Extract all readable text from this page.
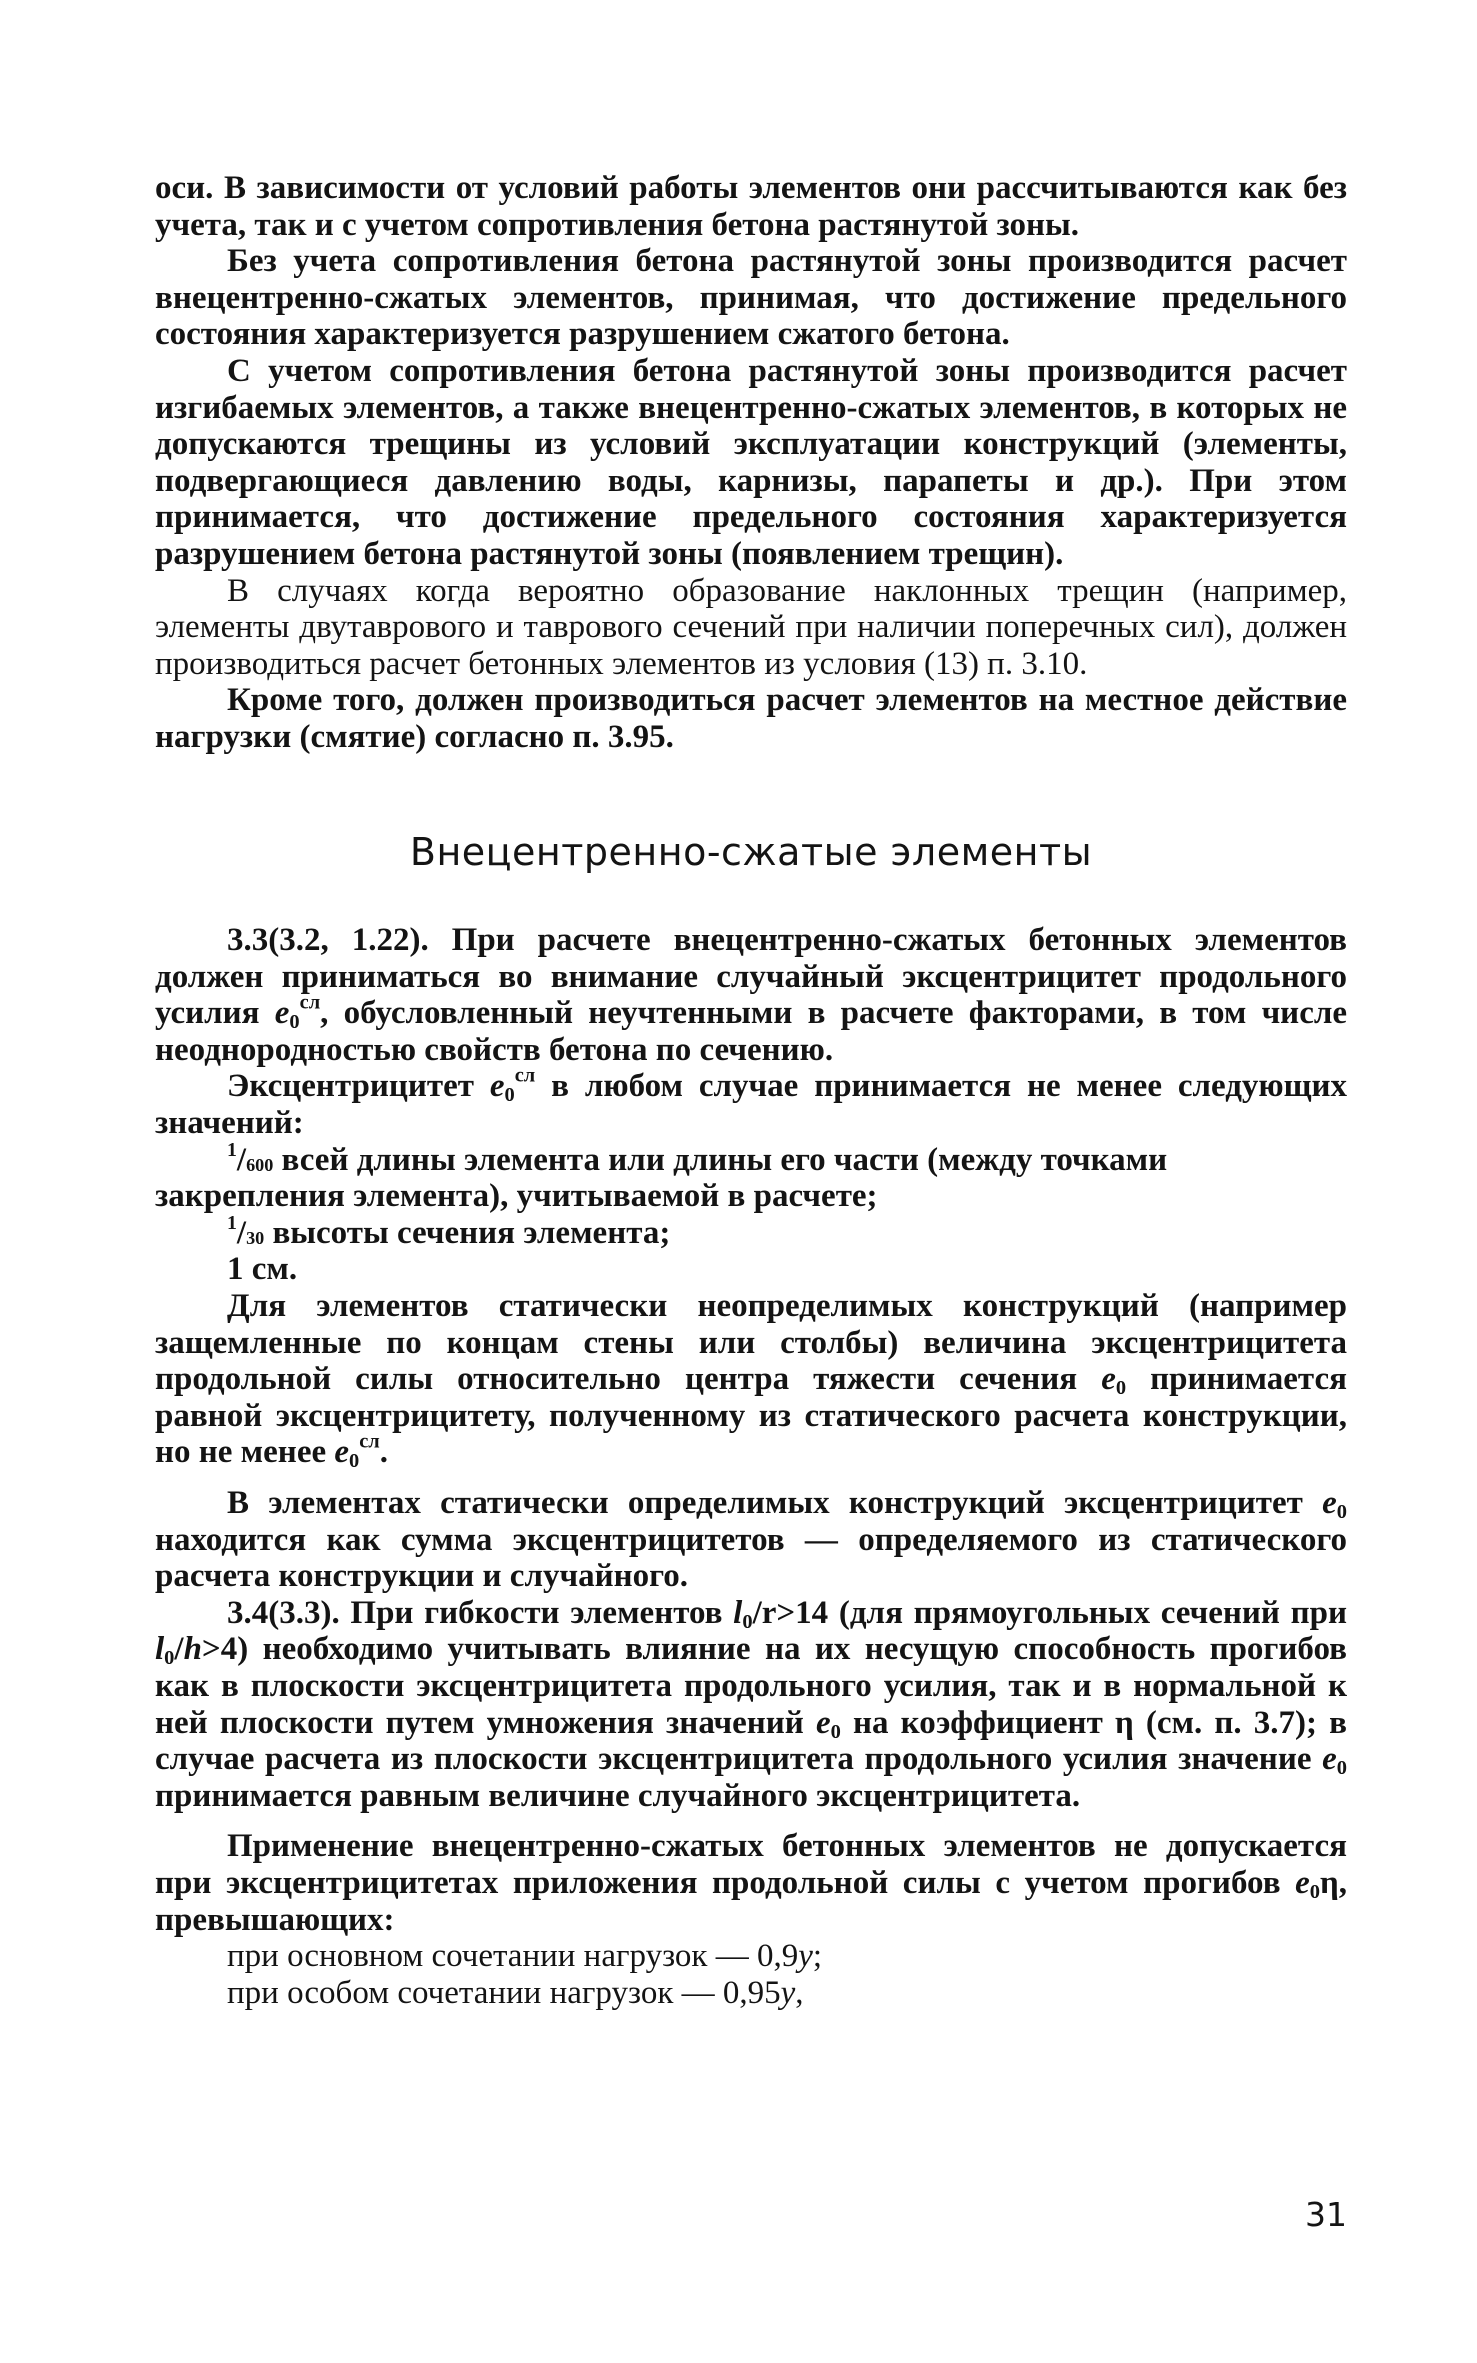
оси. В зависимости от условий работы элементов они рассчитываются как без учета, так и с учетом сопротивления бетона растянутой зоны.

Без учета сопротивления бетона растянутой зоны производится расчет внецентренно-сжатых элементов, принимая, что достижение предельного состояния характеризуется разрушением сжатого бетона.

С учетом сопротивления бетона растянутой зоны производится расчет изгибаемых элементов, а также внецентренно-сжатых элементов, в которых не допускаются трещины из условий эксплуатации конструкций (элементы, подвергающиеся давлению воды, карнизы, парапеты и др.). При этом принимается, что достижение предельного состояния характеризуется разрушением бетона растянутой зоны (появлением трещин).

В случаях когда вероятно образование наклонных трещин (например, элементы двутаврового и таврового сечений при наличии поперечных сил), должен производиться расчет бетонных элементов из условия (13) п. 3.10.

Кроме того, должен производиться расчет элементов на местное действие нагрузки (смятие) согласно п. 3.95.

Внецентренно-сжатые элементы

3.3(3.2, 1.22). При расчете внецентренно-сжатых бетонных элементов должен приниматься во внимание случайный эксцентрицитет продольного усилия $e_0^{сл}$, обусловленный неучтенными в расчете факторами, в том числе неоднородностью свойств бетона по сечению.

Эксцентрицитет $e_0^{сл}$ в любом случае принимается не менее следующих значений:

$^1/_{600}$ всей длины элемента или длины его части (между точками закрепления элемента), учитываемой в расчете;

$^1/_{30}$ высоты сечения элемента;

1 см.

Для элементов статически неопределимых конструкций (например защемленные по концам стены или столбы) величина эксцентрицитета продольной силы относительно центра тяжести сечения $e_0$ принимается равной эксцентрицитету, полученному из статического расчета конструкции, но не менее $e_0^{сл}$.

В элементах статически определимых конструкций эксцентрицитет $e_0$ находится как сумма эксцентрицитетов — определяемого из статического расчета конструкции и случайного.

3.4(3.3). При гибкости элементов $l_0/r>14$ (для прямоугольных сечений при $l_0/h>4$) необходимо учитывать влияние на их несущую способность прогибов как в плоскости эксцентрицитета продольного усилия, так и в нормальной к ней плоскости путем умножения значений $e_0$ на коэффициент η (см. п. 3.7); в случае расчета из плоскости эксцентрицитета продольного усилия значение $e_0$ принимается равным величине случайного эксцентрицитета.

Применение внецентренно-сжатых бетонных элементов не допускается при эксцентрицитетах приложения продольной силы с учетом прогибов $e_0\eta$, превышающих:

при основном сочетании нагрузок — 0,9y;

при особом сочетании нагрузок — 0,95y,

31
